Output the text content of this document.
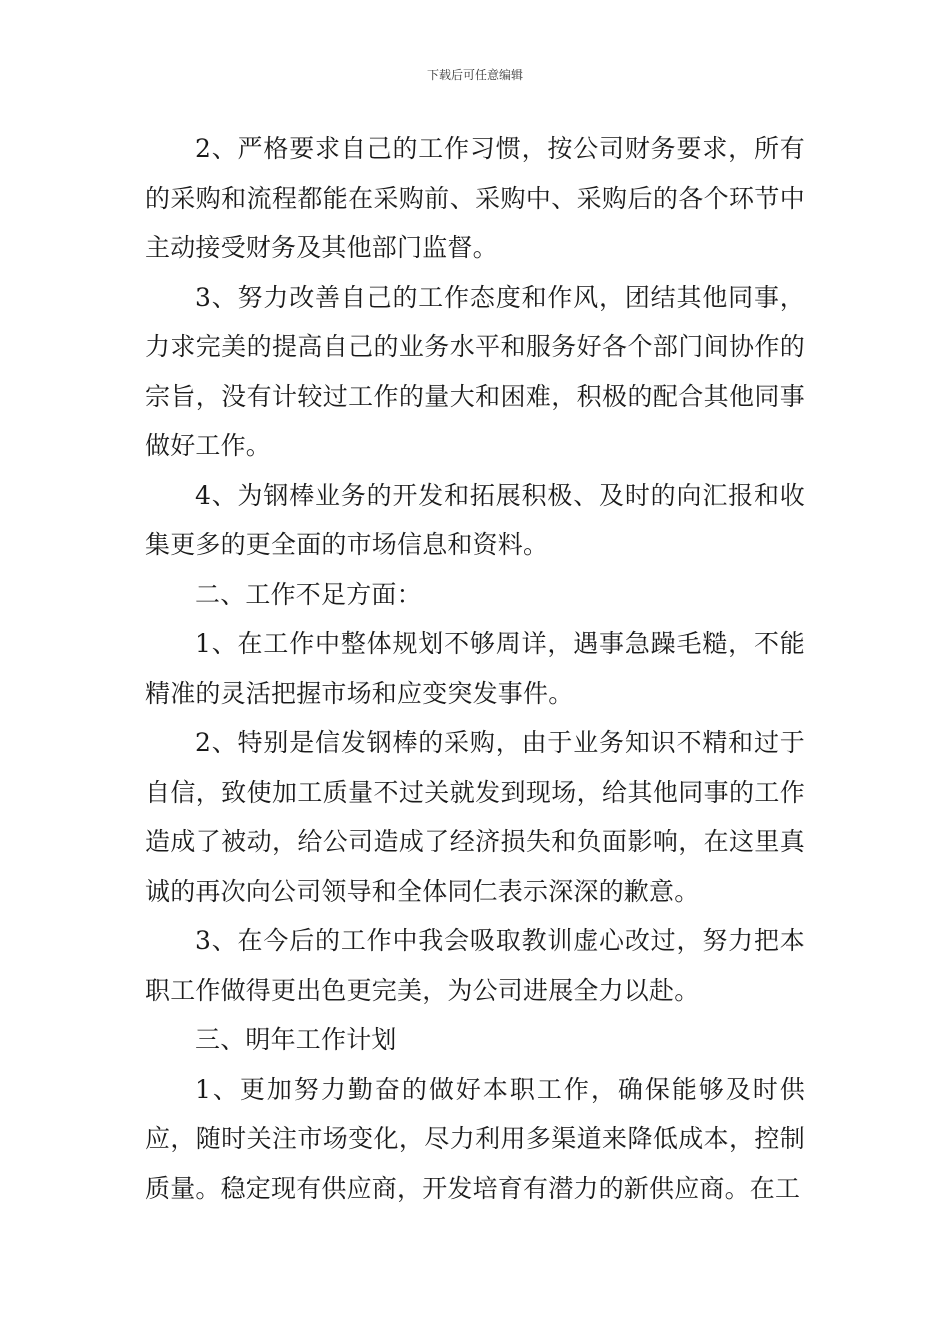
下载后可任意编辑

2、严格要求自己的工作习惯，按公司财务要求，所有的采购和流程都能在采购前、采购中、采购后的各个环节中主动接受财务及其他部门监督。

3、努力改善自己的工作态度和作风，团结其他同事，力求完美的提高自己的业务水平和服务好各个部门间协作的宗旨，没有计较过工作的量大和困难，积极的配合其他同事做好工作。

4、为钢棒业务的开发和拓展积极、及时的向汇报和收集更多的更全面的市场信息和资料。

二、工作不足方面：

1、在工作中整体规划不够周详，遇事急躁毛糙，不能精准的灵活把握市场和应变突发事件。

2、特别是信发钢棒的采购，由于业务知识不精和过于自信，致使加工质量不过关就发到现场，给其他同事的工作造成了被动，给公司造成了经济损失和负面影响，在这里真诚的再次向公司领导和全体同仁表示深深的歉意。

3、在今后的工作中我会吸取教训虚心改过，努力把本职工作做得更出色更完美，为公司进展全力以赴。

三、明年工作计划

1、更加努力勤奋的做好本职工作，确保能够及时供应，随时关注市场变化，尽力利用多渠道来降低成本，控制质量。稳定现有供应商，开发培育有潜力的新供应商。在工
